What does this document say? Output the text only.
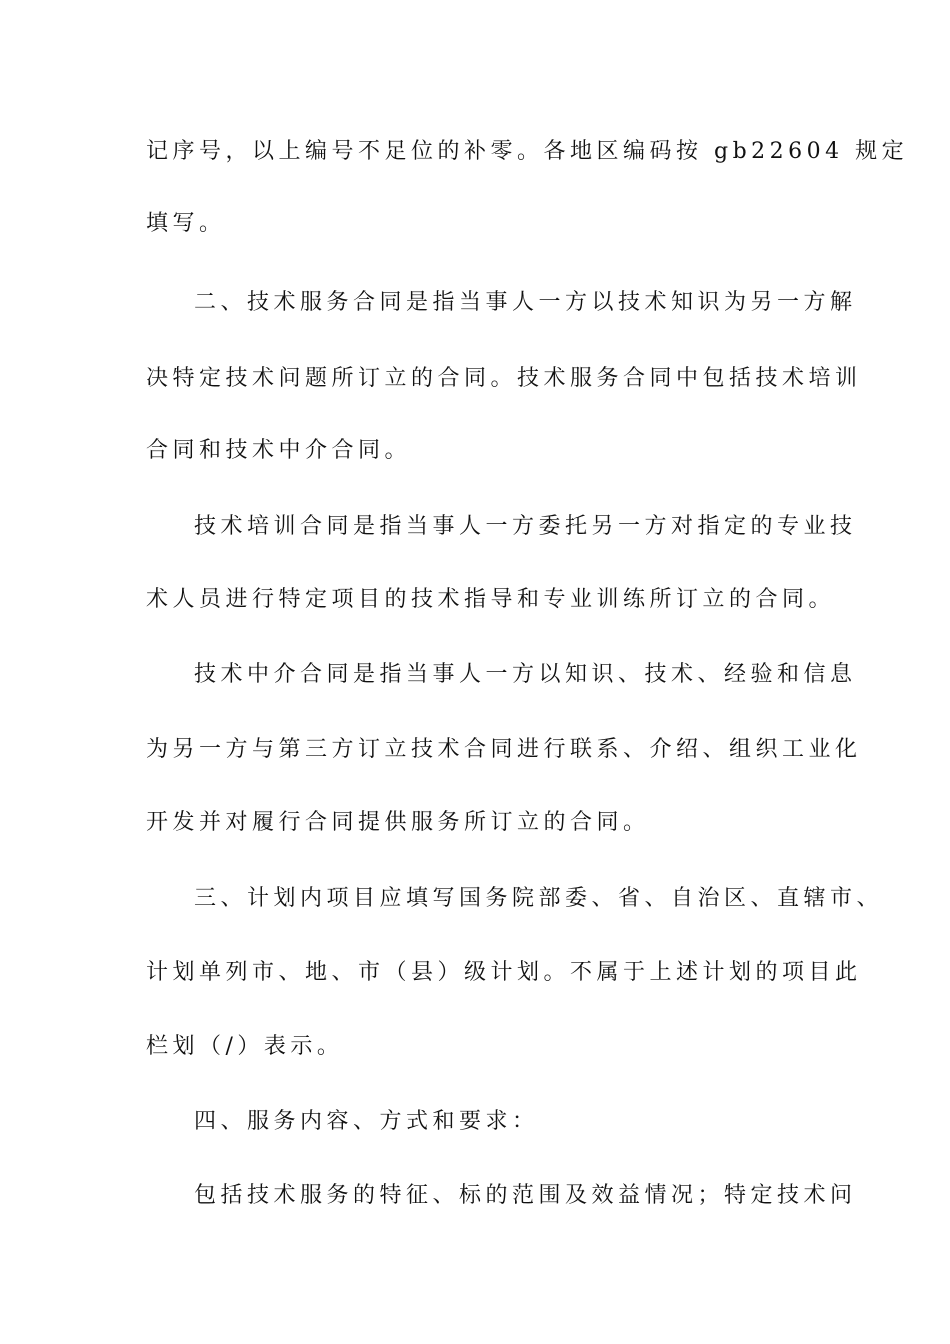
记序号，以上编号不足位的补零。各地区编码按 gb22604 规定
填写。
二、技术服务合同是指当事人一方以技术知识为另一方解
决特定技术问题所订立的合同。技术服务合同中包括技术培训
合同和技术中介合同。
技术培训合同是指当事人一方委托另一方对指定的专业技
术人员进行特定项目的技术指导和专业训练所订立的合同。
技术中介合同是指当事人一方以知识、技术、经验和信息
为另一方与第三方订立技术合同进行联系、介绍、组织工业化
开发并对履行合同提供服务所订立的合同。
三、计划内项目应填写国务院部委、省、自治区、直辖市、
计划单列市、地、市（县）级计划。不属于上述计划的项目此
栏划（/）表示。
四、服务内容、方式和要求：
包括技术服务的特征、标的范围及效益情况；特定技术问
